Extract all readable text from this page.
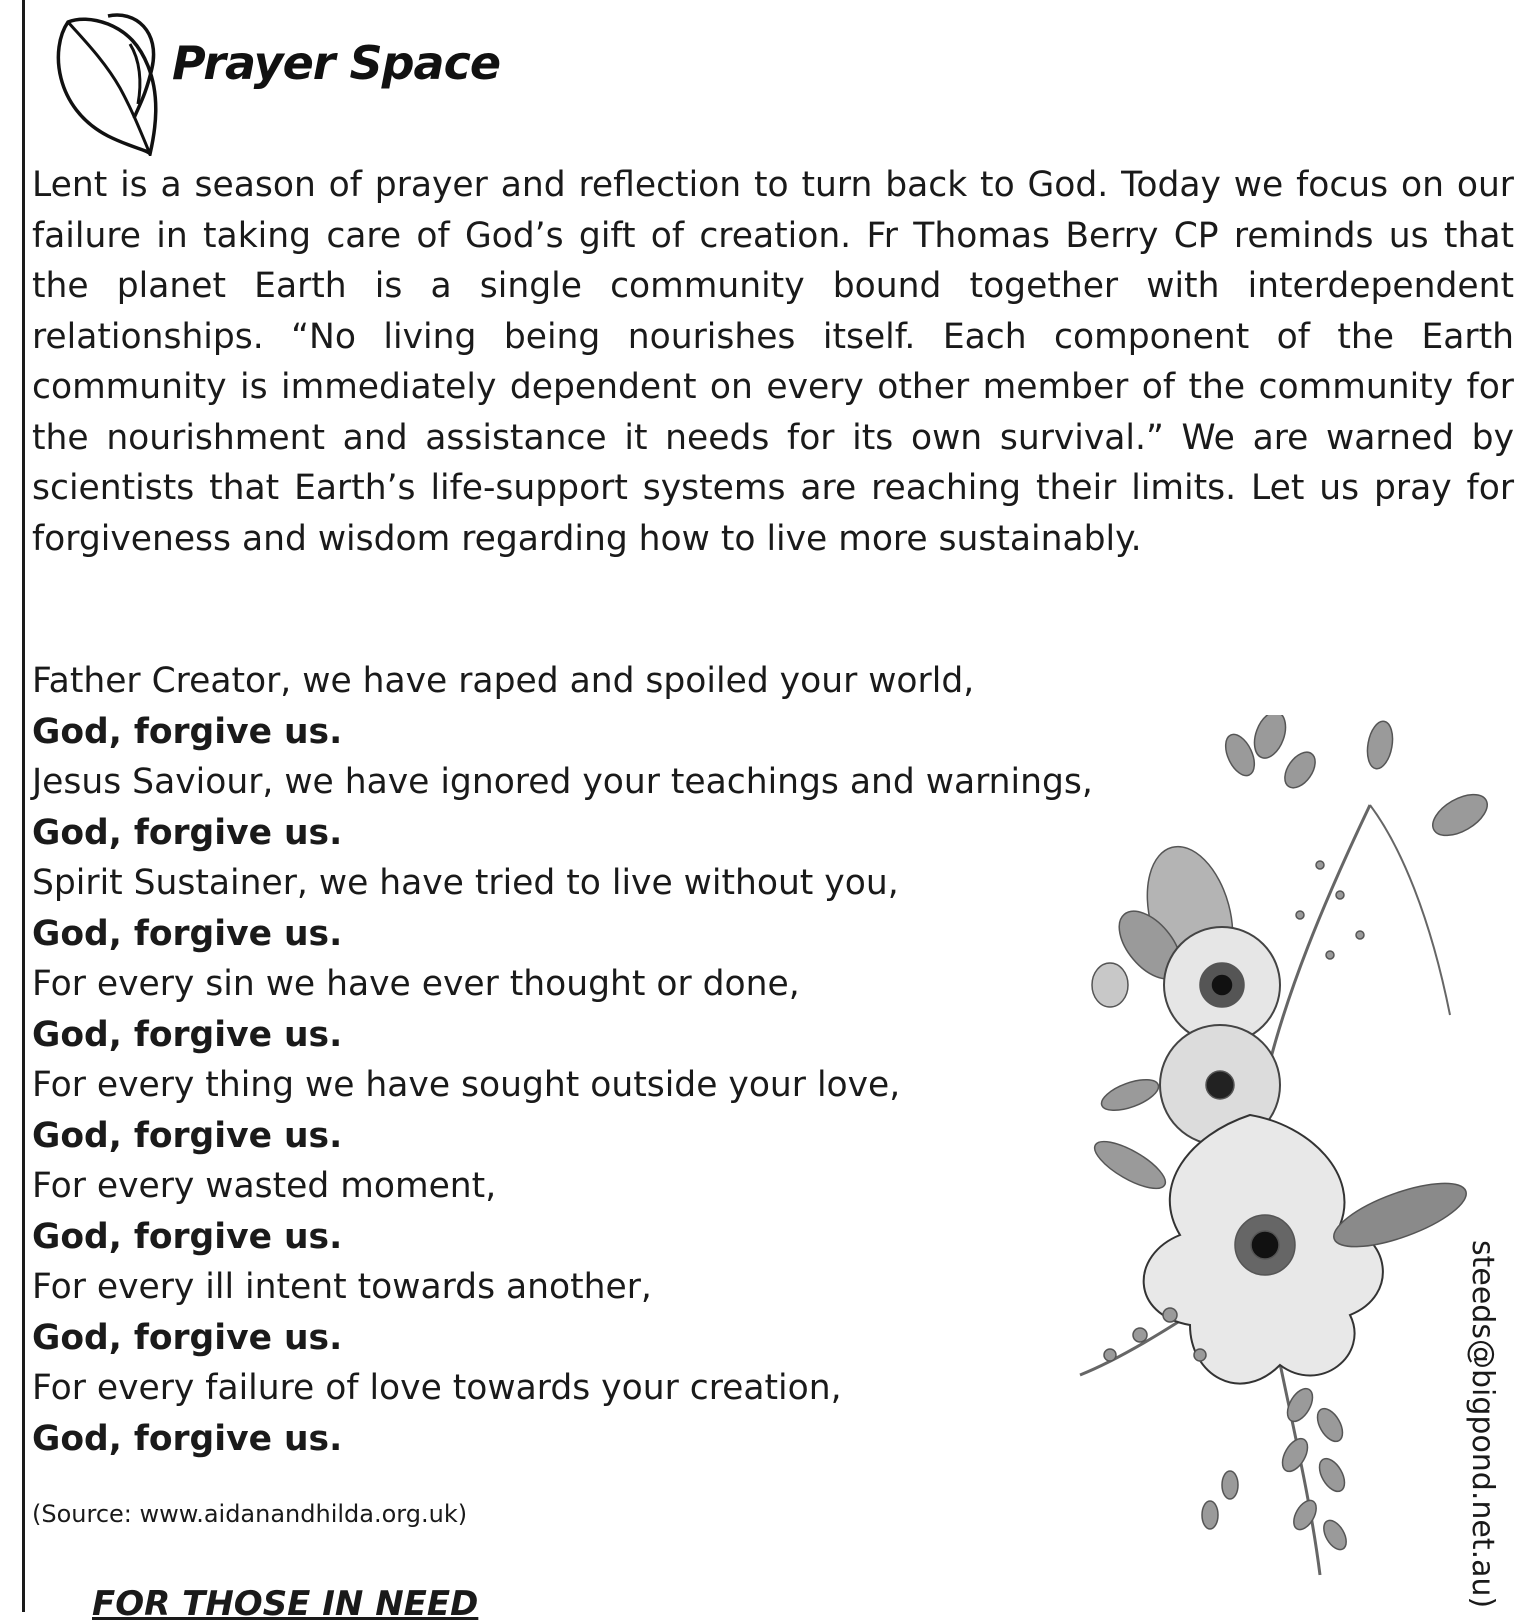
Prayer Space

Lent is a season of prayer and reflection to turn back to God. Today we focus on our failure in taking care of God’s gift of creation. Fr Thomas Berry CP reminds us that the planet Earth is a single community bound together with interdependent relationships. “No living being nourishes itself. Each component of the Earth community is immediately dependent on every other member of the community for the nourishment and assistance it needs for its own survival.” We are warned by scientists that Earth’s life-support systems are reaching their limits. Let us pray for forgiveness and wisdom regarding how to live more sustainably.

Father Creator, we have raped and spoiled your world,
God, forgive us.
Jesus Saviour, we have ignored your teachings and warnings,
God, forgive us.
Spirit Sustainer, we have tried to live without you,
God, forgive us.
For every sin we have ever thought or done,
God, forgive us.
For every thing we have sought outside your love,
God, forgive us.
For every wasted moment,
God, forgive us.
For every ill intent towards another,
God, forgive us.
For every failure of love towards your creation,
God, forgive us.

(Source: www.aidanandhilda.org.uk)

FOR THOSE IN NEED	steeds@bigpond.net.au)
